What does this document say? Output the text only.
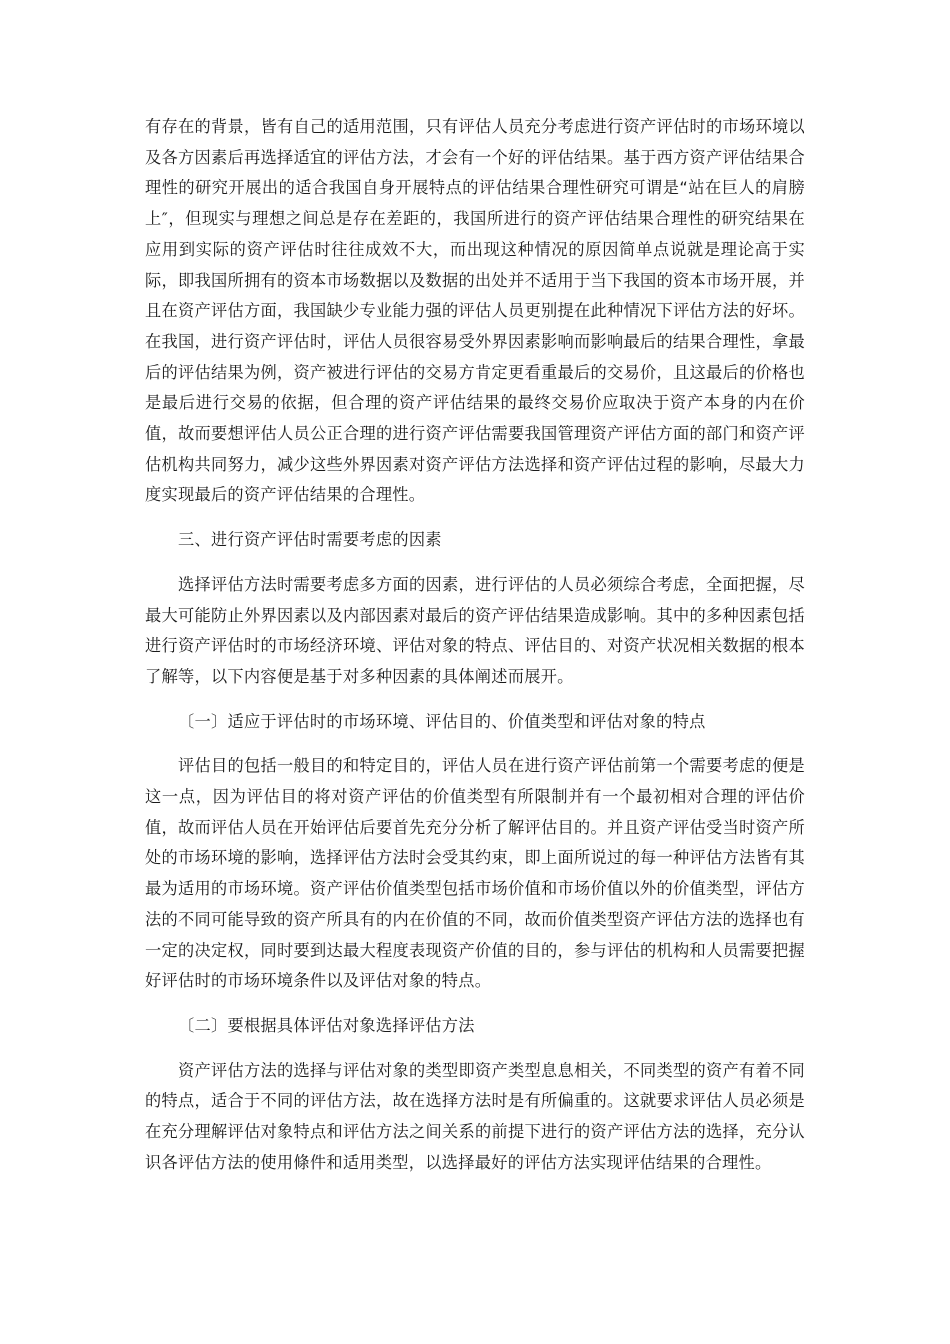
有存在的背景，皆有自己的适用范围，只有评估人员充分考虑进行资产评估时的市场环境以及各方因素后再选择适宜的评估方法，才会有一个好的评估结果。基于西方资产评估结果合理性的研究开展出的适合我国自身开展特点的评估结果合理性研究可谓是“站在巨人的肩膀上″，但现实与理想之间总是存在差距的，我国所进行的资产评估结果合理性的研究结果在应用到实际的资产评估时往往成效不大，而出现这种情况的原因简单点说就是理论高于实际，即我国所拥有的资本市场数据以及数据的出处并不适用于当下我国的资本市场开展，并且在资产评估方面，我国缺少专业能力强的评估人员更别提在此种情况下评估方法的好坏。在我国，进行资产评估时，评估人员很容易受外界因素影响而影响最后的结果合理性，拿最后的评估结果为例，资产被进行评估的交易方肯定更看重最后的交易价，且这最后的价格也是最后进行交易的依据，但合理的资产评估结果的最终交易价应取决于资产本身的内在价值，故而要想评估人员公正合理的进行资产评估需要我国管理资产评估方面的部门和资产评估机构共同努力，减少这些外界因素对资产评估方法选择和资产评估过程的影响，尽最大力度实现最后的资产评估结果的合理性。

三、进行资产评估时需要考虑的因素

选择评估方法时需要考虑多方面的因素，进行评估的人员必须综合考虑，全面把握，尽最大可能防止外界因素以及内部因素对最后的资产评估结果造成影响。其中的多种因素包括进行资产评估时的市场经济环境、评估对象的特点、评估目的、对资产状况相关数据的根本了解等，以下内容便是基于对多种因素的具体阐述而展开。

〔一〕适应于评估时的市场环境、评估目的、价值类型和评估对象的特点

评估目的包括一般目的和特定目的，评估人员在进行资产评估前第一个需要考虑的便是这一点，因为评估目的将对资产评估的价值类型有所限制并有一个最初相对合理的评估价值，故而评估人员在开始评估后要首先充分分析了解评估目的。并且资产评估受当时资产所处的市场环境的影响，选择评估方法时会受其约束，即上面所说过的每一种评估方法皆有其最为适用的市场环境。资产评估价值类型包括市场价值和市场价值以外的价值类型，评估方法的不同可能导致的资产所具有的内在价值的不同，故而价值类型资产评估方法的选择也有一定的决定权，同时要到达最大程度表现资产价值的目的，参与评估的机构和人员需要把握好评估时的市场环境条件以及评估对象的特点。

〔二〕要根据具体评估对象选择评估方法

资产评估方法的选择与评估对象的类型即资产类型息息相关，不同类型的资产有着不同的特点，适合于不同的评估方法，故在选择方法时是有所偏重的。这就要求评估人员必须是在充分理解评估对象特点和评估方法之间关系的前提下进行的资产评估方法的选择，充分认识各评估方法的使用條件和适用类型，以选择最好的评估方法实现评估结果的合理性。
